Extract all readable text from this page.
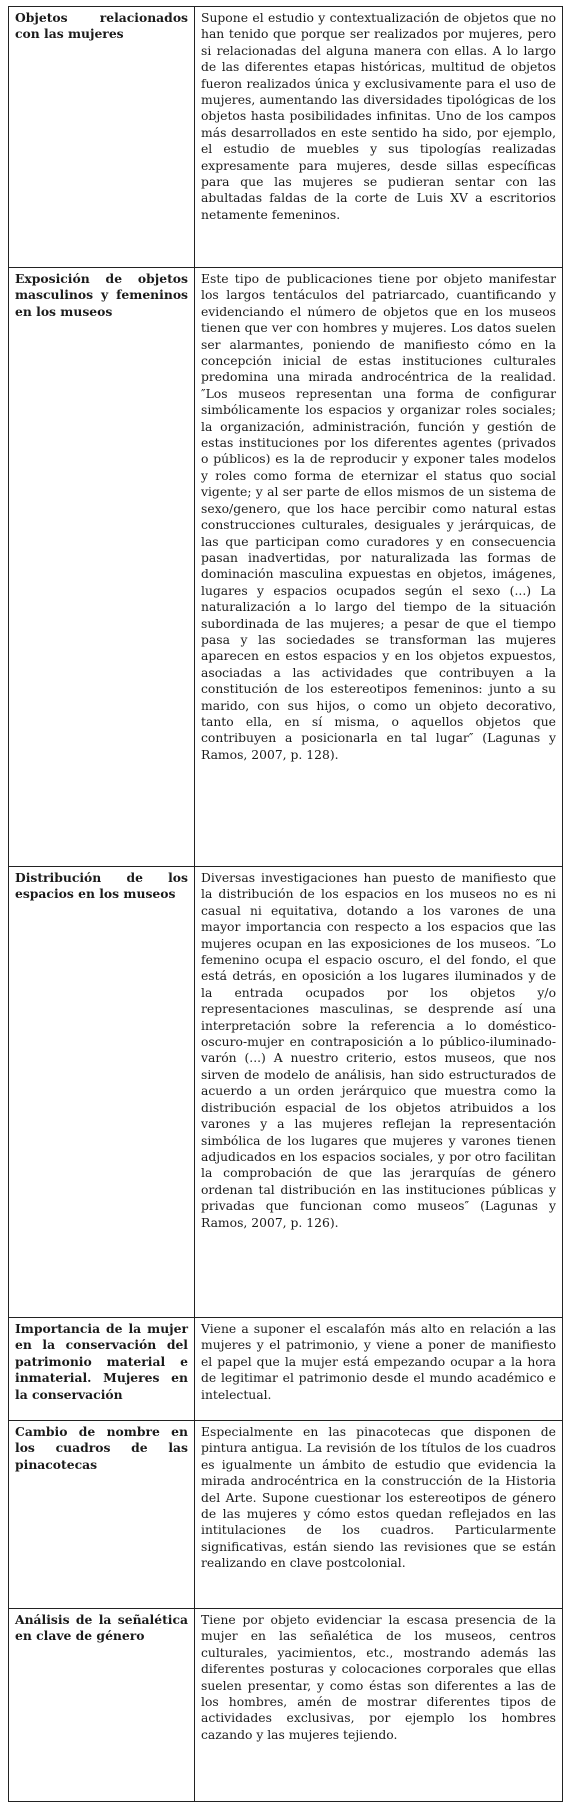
Objetos relacionados con las mujeres	Supone el estudio y contextualización de objetos que no han tenido que porque ser realizados por mujeres, pero si relacionadas del alguna manera con ellas. A lo largo de las diferentes etapas históricas, multitud de objetos fueron realizados única y exclusivamente para el uso de mujeres, aumentando las diversidades tipológicas de los objetos hasta posibilidades infinitas. Uno de los campos más desarrollados en este sentido ha sido, por ejemplo, el estudio de muebles y sus tipologías realizadas expresamente para mujeres, desde sillas específicas para que las mujeres se pudieran sentar con las abultadas faldas de la corte de Luis XV a escritorios netamente femeninos.

Exposición de objetos masculinos y femeninos en los museos	Este tipo de publicaciones tiene por objeto manifestar los largos tentáculos del patriarcado, cuantificando y evidenciando el número de objetos que en los museos tienen que ver con hombres y mujeres. Los datos suelen ser alarmantes, poniendo de manifiesto cómo en la concepción inicial de estas instituciones culturales predomina una mirada androcéntrica de la realidad. ″Los museos representan una forma de configurar simbólicamente los espacios y organizar roles sociales; la organización, administración, función y gestión de estas instituciones por los diferentes agentes (privados o públicos) es la de reproducir y exponer tales modelos y roles como forma de eternizar el status quo social vigente; y al ser parte de ellos mismos de un sistema de sexo/genero, que los hace percibir como natural estas construcciones culturales, desiguales y jerárquicas, de las que participan como curadores y en consecuencia pasan inadvertidas, por naturalizada las formas de dominación masculina expuestas en objetos, imágenes, lugares y espacios ocupados según el sexo (...) La naturalización a lo largo del tiempo de la situación subordinada de las mujeres; a pesar de que el tiempo pasa y las sociedades se transforman las mujeres aparecen en estos espacios y en los objetos expuestos, asociadas a las actividades que contribuyen a la constitución de los estereotipos femeninos: junto a su marido, con sus hijos, o como un objeto decorativo, tanto ella, en sí misma, o aquellos objetos que contribuyen a posicionarla en tal lugar″ (Lagunas y Ramos, 2007, p. 128).

Distribución de los espacios en los museos	Diversas investigaciones han puesto de manifiesto que la distribución de los espacios en los museos no es ni casual ni equitativa, dotando a los varones de una mayor importancia con respecto a los espacios que las mujeres ocupan en las exposiciones de los museos. ″Lo femenino ocupa el espacio oscuro, el del fondo, el que está detrás, en oposición a los lugares iluminados y de la entrada ocupados por los objetos y/o representaciones masculinas, se desprende así una interpretación sobre la referencia a lo doméstico-oscuro-mujer en contraposición a lo público-iluminado-varón (...) A nuestro criterio, estos museos, que nos sirven de modelo de análisis, han sido estructurados de acuerdo a un orden jerárquico que muestra como la distribución espacial de los objetos atribuidos a los varones y a las mujeres reflejan la representación simbólica de los lugares que mujeres y varones tienen adjudicados en los espacios sociales, y por otro facilitan la comprobación de que las jerarquías de género ordenan tal distribución en las instituciones públicas y privadas que funcionan como museos″ (Lagunas y Ramos, 2007, p. 126).

Importancia de la mujer en la conservación del patrimonio material e inmaterial. Mujeres en la conservación	Viene a suponer el escalafón más alto en relación a las mujeres y el patrimonio, y viene a poner de manifiesto el papel que la mujer está empezando ocupar a la hora de legitimar el patrimonio desde el mundo académico e intelectual.

Cambio de nombre en los cuadros de las pinacotecas	Especialmente en las pinacotecas que disponen de pintura antigua. La revisión de los títulos de los cuadros es igualmente un ámbito de estudio que evidencia la mirada androcéntrica en la construcción de la Historia del Arte. Supone cuestionar los estereotipos de género de las mujeres y cómo estos quedan reflejados en las intitulaciones de los cuadros. Particularmente significativas, están siendo las revisiones que se están realizando en clave postcolonial.

Análisis de la señalética en clave de género	Tiene por objeto evidenciar la escasa presencia de la mujer en las señalética de los museos, centros culturales, yacimientos, etc., mostrando además las diferentes posturas y colocaciones corporales que ellas suelen presentar, y como éstas son diferentes a las de los hombres, amén de mostrar diferentes tipos de actividades exclusivas, por ejemplo los hombres cazando y las mujeres tejiendo.
